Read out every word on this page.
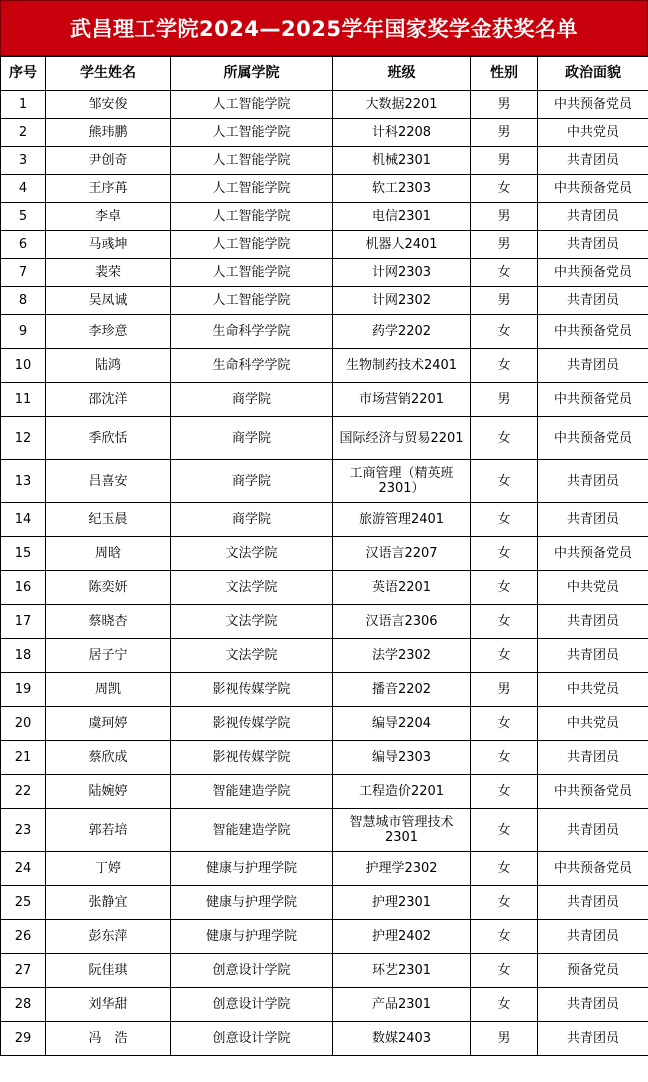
武昌理工学院2024—2025学年国家奖学金获奖名单
序号	学生姓名	所属学院	班级	性别	政治面貌
1	邹安俊	人工智能学院	大数据2201	男	中共预备党员
2	熊玮鹏	人工智能学院	计科2208	男	中共党员
3	尹创奇	人工智能学院	机械2301	男	共青团员
4	王序苒	人工智能学院	软工2303	女	中共预备党员
5	李卓	人工智能学院	电信2301	男	共青团员
6	马彧坤	人工智能学院	机器人2401	男	共青团员
7	裴荣	人工智能学院	计网2303	女	中共预备党员
8	吴凤诚	人工智能学院	计网2302	男	共青团员
9	李珍意	生命科学学院	药学2202	女	中共预备党员
10	陆鸿	生命科学学院	生物制药技术2401	女	共青团员
11	邵沈洋	商学院	市场营销2201	男	中共预备党员
12	季欣恬	商学院	国际经济与贸易2201	女	中共预备党员
13	吕喜安	商学院	工商管理（精英班2301）	女	共青团员
14	纪玉晨	商学院	旅游管理2401	女	共青团员
15	周晗	文法学院	汉语言2207	女	中共预备党员
16	陈奕妍	文法学院	英语2201	女	中共党员
17	蔡晓杏	文法学院	汉语言2306	女	共青团员
18	居子宁	文法学院	法学2302	女	共青团员
19	周凯	影视传媒学院	播音2202	男	中共党员
20	虞珂婷	影视传媒学院	编导2204	女	中共党员
21	蔡欣成	影视传媒学院	编导2303	女	共青团员
22	陆婉婷	智能建造学院	工程造价2201	女	中共预备党员
23	郭若培	智能建造学院	智慧城市管理技术2301	女	共青团员
24	丁婷	健康与护理学院	护理学2302	女	中共预备党员
25	张静宜	健康与护理学院	护理2301	女	共青团员
26	彭东萍	健康与护理学院	护理2402	女	共青团员
27	阮佳琪	创意设计学院	环艺2301	女	预备党员
28	刘华甜	创意设计学院	产品2301	女	共青团员
29	冯　浩	创意设计学院	数媒2403	男	共青团员
